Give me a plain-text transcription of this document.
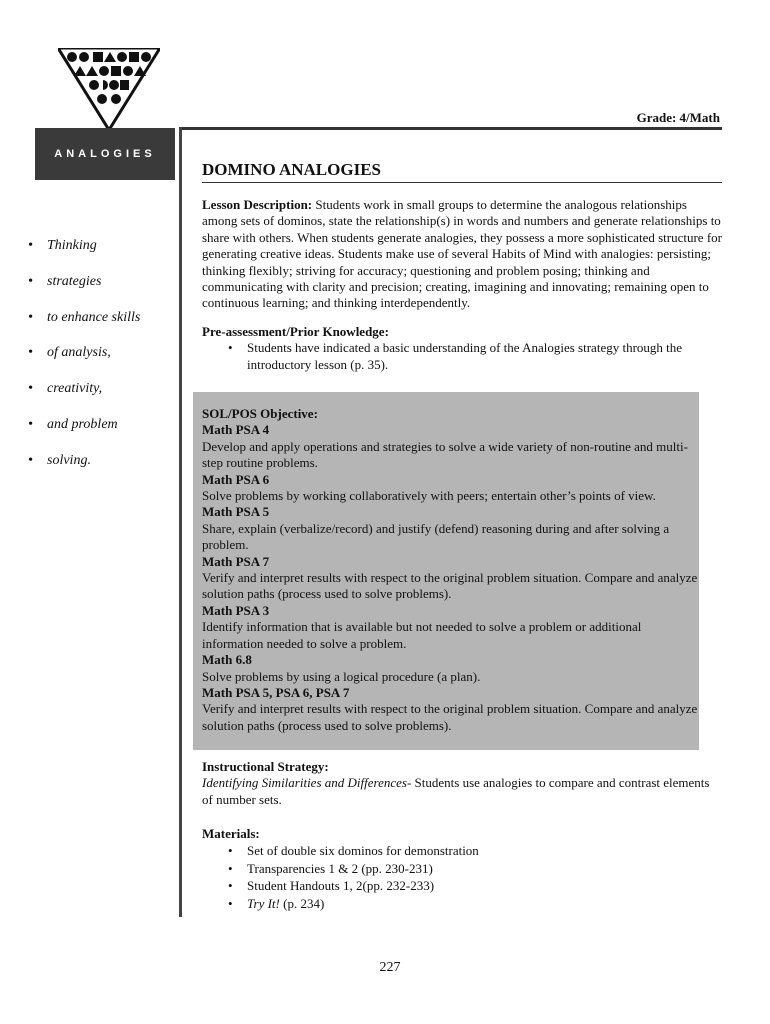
Grade: 4/Math
ANALOGIES
• Thinking
• strategies
• to enhance skills
• of analysis,
• creativity,
• and problem
• solving.
DOMINO ANALOGIES

Lesson Description: Students work in small groups to determine the analogous relationships among sets of dominos, state the relationship(s) in words and numbers and generate relationships to share with others. When students generate analogies, they possess a more sophisticated structure for generating creative ideas. Students make use of several Habits of Mind with analogies: persisting; thinking flexibly; striving for accuracy; questioning and problem posing; thinking and communicating with clarity and precision; creating, imagining and innovating; remaining open to continuous learning; and thinking interdependently.

Pre-assessment/Prior Knowledge:

• Students have indicated a basic understanding of the Analogies strategy through the introductory lesson (p. 35).

SOL/POS Objective:

Math PSA 4

Develop and apply operations and strategies to solve a wide variety of non-routine and multi-step routine problems.

Math PSA 6

Solve problems by working collaboratively with peers; entertain other’s points of view.

Math PSA 5

Share, explain (verbalize/record) and justify (defend) reasoning during and after solving a problem.

Math PSA 7

Verify and interpret results with respect to the original problem situation. Compare and analyze solution paths (process used to solve problems).

Math PSA 3

Identify information that is available but not needed to solve a problem or additional information needed to solve a problem.

Math 6.8

Solve problems by using a logical procedure (a plan).

Math PSA 5, PSA 6, PSA 7

Verify and interpret results with respect to the original problem situation. Compare and analyze solution paths (process used to solve problems).

Instructional Strategy:

Identifying Similarities and Differences- Students use analogies to compare and contrast elements of number sets.

Materials:

• Set of double six dominos for demonstration
• Transparencies 1 & 2 (pp. 230-231)
• Student Handouts 1, 2(pp. 232-233)
• Try It! (p. 234)
227
